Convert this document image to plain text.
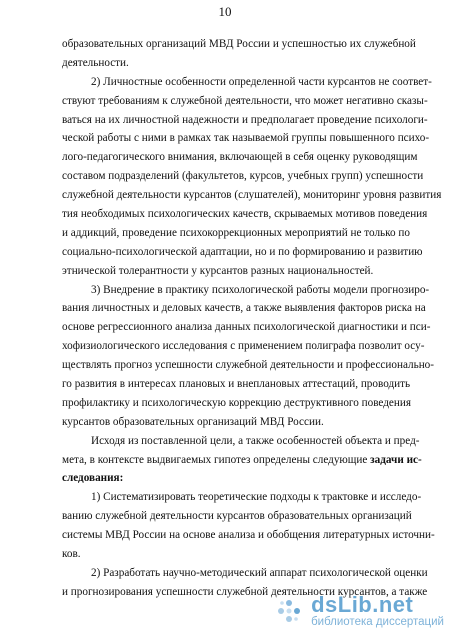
10
образовательных организаций МВД России и успешностью их служебной
деятельности.
2) Личностные особенности определенной части курсантов не соответ-
ствуют требованиям к служебной деятельности, что может негативно сказы-
ваться на их личностной надежности и предполагает проведение психологи-
ческой работы с ними в рамках так называемой группы повышенного психо-
лого-педагогического внимания, включающей в себя оценку руководящим
составом подразделений (факультетов, курсов, учебных групп) успешности
служебной деятельности курсантов (слушателей), мониторинг уровня развития
тия необходимых психологических качеств, скрываемых мотивов поведения
и аддикций, проведение психокоррекционных мероприятий не только по
социально-психологической адаптации, но и по формированию и развитию
этнической толерантности у курсантов разных национальностей.
3) Внедрение в практику психологической работы модели прогнозиро-
вания личностных и деловых качеств, а также выявления факторов риска на
основе регрессионного анализа данных психологической диагностики и пси-
хофизиологического исследования с применением полиграфа позволит осу-
ществлять прогноз успешности служебной деятельности и профессионально-
го развития в интересах плановых и внеплановых аттестаций, проводить
профилактику и психологическую коррекцию деструктивного поведения
курсантов образовательных организаций МВД России.
Исходя из поставленной цели, а также особенностей объекта и пред-
мета, в контексте выдвигаемых гипотез определены следующие задачи ис-
следования:
1) Систематизировать теоретические подходы к трактовке и исследо-
ванию служебной деятельности курсантов образовательных организаций
системы МВД России на основе анализа и обобщения литературных источни-
ков.
2) Разработать научно-методический аппарат психологической оценки
и прогнозирования успешности служебной деятельности курсантов, а также
dsLib.net
библиотека диссертаций
